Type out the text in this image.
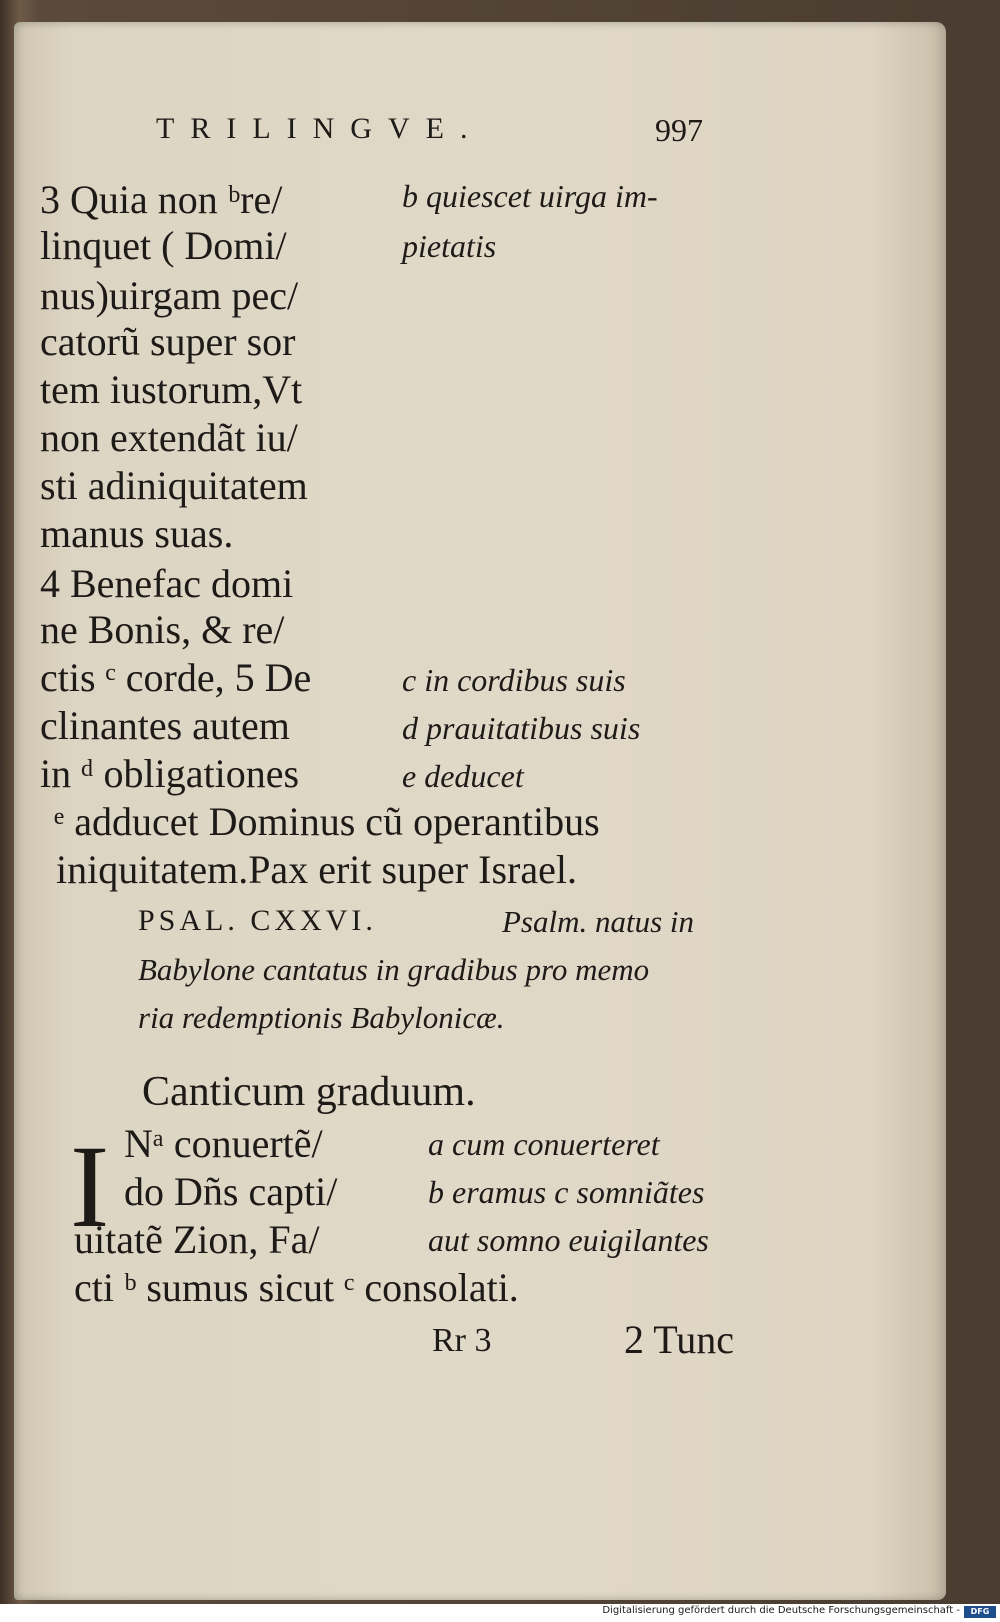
TRILINGVE.	997
3 Quia non ᵇre/
linquet ( Domi/
nus)uirgam pec/
catorũ super sor
tem iustorum,Vt
non extendãt iu/
sti adiniquitatem
manus suas.
4 Benefac domi
ne Bonis, & re/
ctis ᶜ corde, 5 De
clinantes autem
in ᵈ obligationes
ᵉ adducet Dominus cũ operantibus
iniquitatem.Pax erit super Israel.
b quiescet uirga im-
pietatis
c in cordibus suis
d prauitatibus suis
e deducet
PSAL. CXXVI.	Psalm. natus in
Babylone cantatus in gradibus pro memo
ria redemptionis Babylonicæ.
Canticum graduum.
I Nᵃ conuertẽ/
do Dñs capti/
uitatẽ Zion, Fa/
cti ᵇ sumus sicut ᶜ consolati.
a cum conuerteret
b eramus c somniãtes
aut somno euigilantes
Rr 3	2 Tunc
Digitalisierung gefördert durch die Deutsche Forschungsgemeinschaft -	DFG
